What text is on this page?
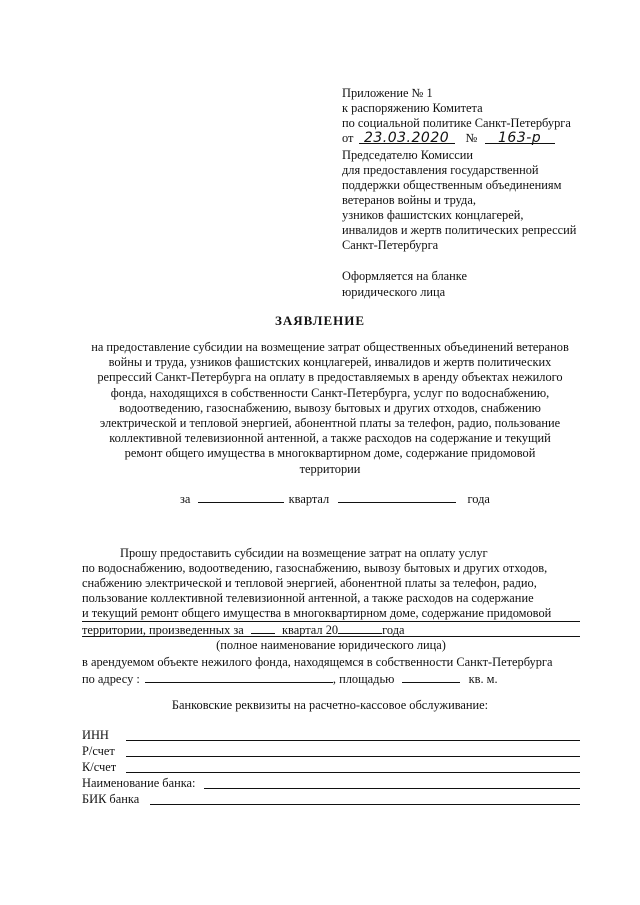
Приложение № 1
к распоряжению Комитета
по социальной политике Санкт-Петербурга
от 23.03.2020 № 163-р
Председателю Комиссии
для предоставления государственной
поддержки общественным объединениям
ветеранов войны и труда,
узников фашистских концлагерей,
инвалидов и жертв политических репрессий
Санкт-Петербурга
Оформляется на бланке
юридического лица
ЗАЯВЛЕНИЕ
на предоставление субсидии на возмещение затрат общественных объединений ветеранов
войны и труда, узников фашистских концлагерей, инвалидов и жертв политических
репрессий Санкт-Петербурга на оплату в предоставляемых в аренду объектах нежилого
фонда, находящихся в собственности Санкт-Петербурга, услуг по водоснабжению,
водоотведению, газоснабжению, вывозу бытовых и других отходов, снабжению
электрической и тепловой энергией, абонентной платы за телефон, радио, пользование
коллективной телевизионной антенной, а также расходов на содержание и текущий
ремонт общего имущества в многоквартирном доме, содержание придомовой
территории
за	квартал	года
Прошу предоставить субсидии на возмещение затрат на оплату услуг
по водоснабжению, водоотведению, газоснабжению, вывозу бытовых и других отходов,
снабжению электрической и тепловой энергией, абонентной платы за телефон, радио,
пользование коллективной телевизионной антенной, а также расходов на содержание
и текущий ремонт общего имущества в многоквартирном доме, содержание придомовой
территории, произведенных за	квартал 20	года
(полное наименование юридического лица)
в арендуемом объекте нежилого фонда, находящемся в собственности Санкт-Петербурга
по адресу :	, площадью	кв. м.
Банковские реквизиты на расчетно-кассовое обслуживание:
ИНН
Р/счет
К/счет
Наименование банка:
БИК банка
